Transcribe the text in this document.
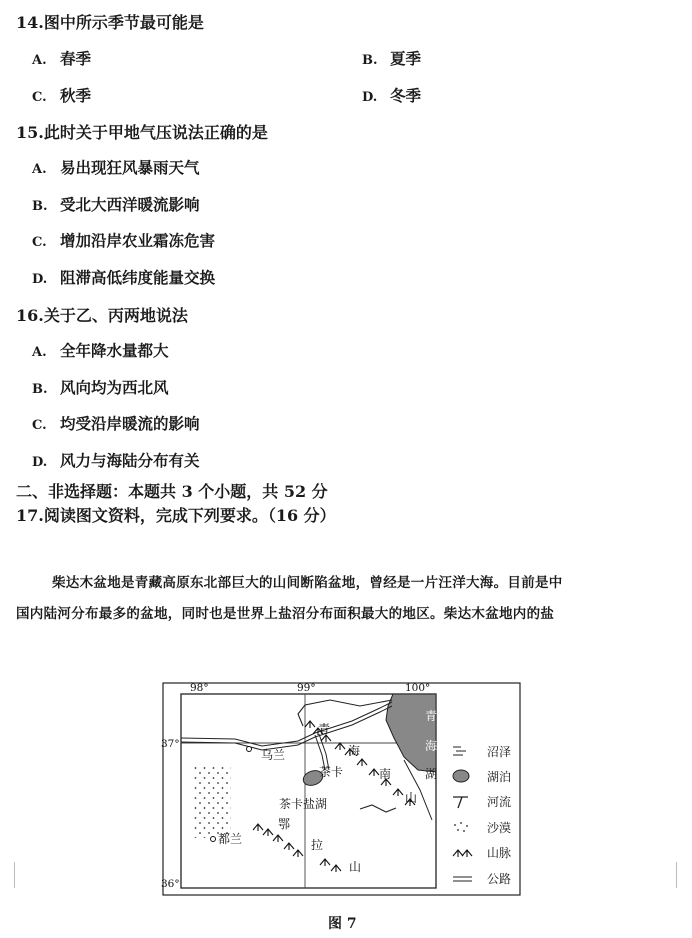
14.图中所示季节最可能是
A. 春季	B. 夏季
C. 秋季	D. 冬季
15.此时关于甲地气压说法正确的是
A. 易出现狂风暴雨天气
B. 受北大西洋暖流影响
C. 增加沿岸农业霜冻危害
D. 阻滞高低纬度能量交换
16.关于乙、丙两地说法
A. 全年降水量都大
B. 风向均为西北风
C. 均受沿岸暖流的影响
D. 风力与海陆分布有关
二、非选择题：本题共 3 个小题，共 52 分
17.阅读图文资料，完成下列要求。（16 分）
柴达木盆地是青藏高原东北部巨大的山间断陷盆地，曾经是一片汪洋大海。目前是中
国内陆河分布最多的盆地，同时也是世界上盐沼分布面积最大的地区。柴达木盆地内的盐
98°	99°	100°
37°
36°
乌兰
茶卡
茶卡盐湖
都兰
青
海
湖
青
海
南
山
鄂
拉
山
沼泽
湖泊
河流
沙漠
山脉
公路
图 7
